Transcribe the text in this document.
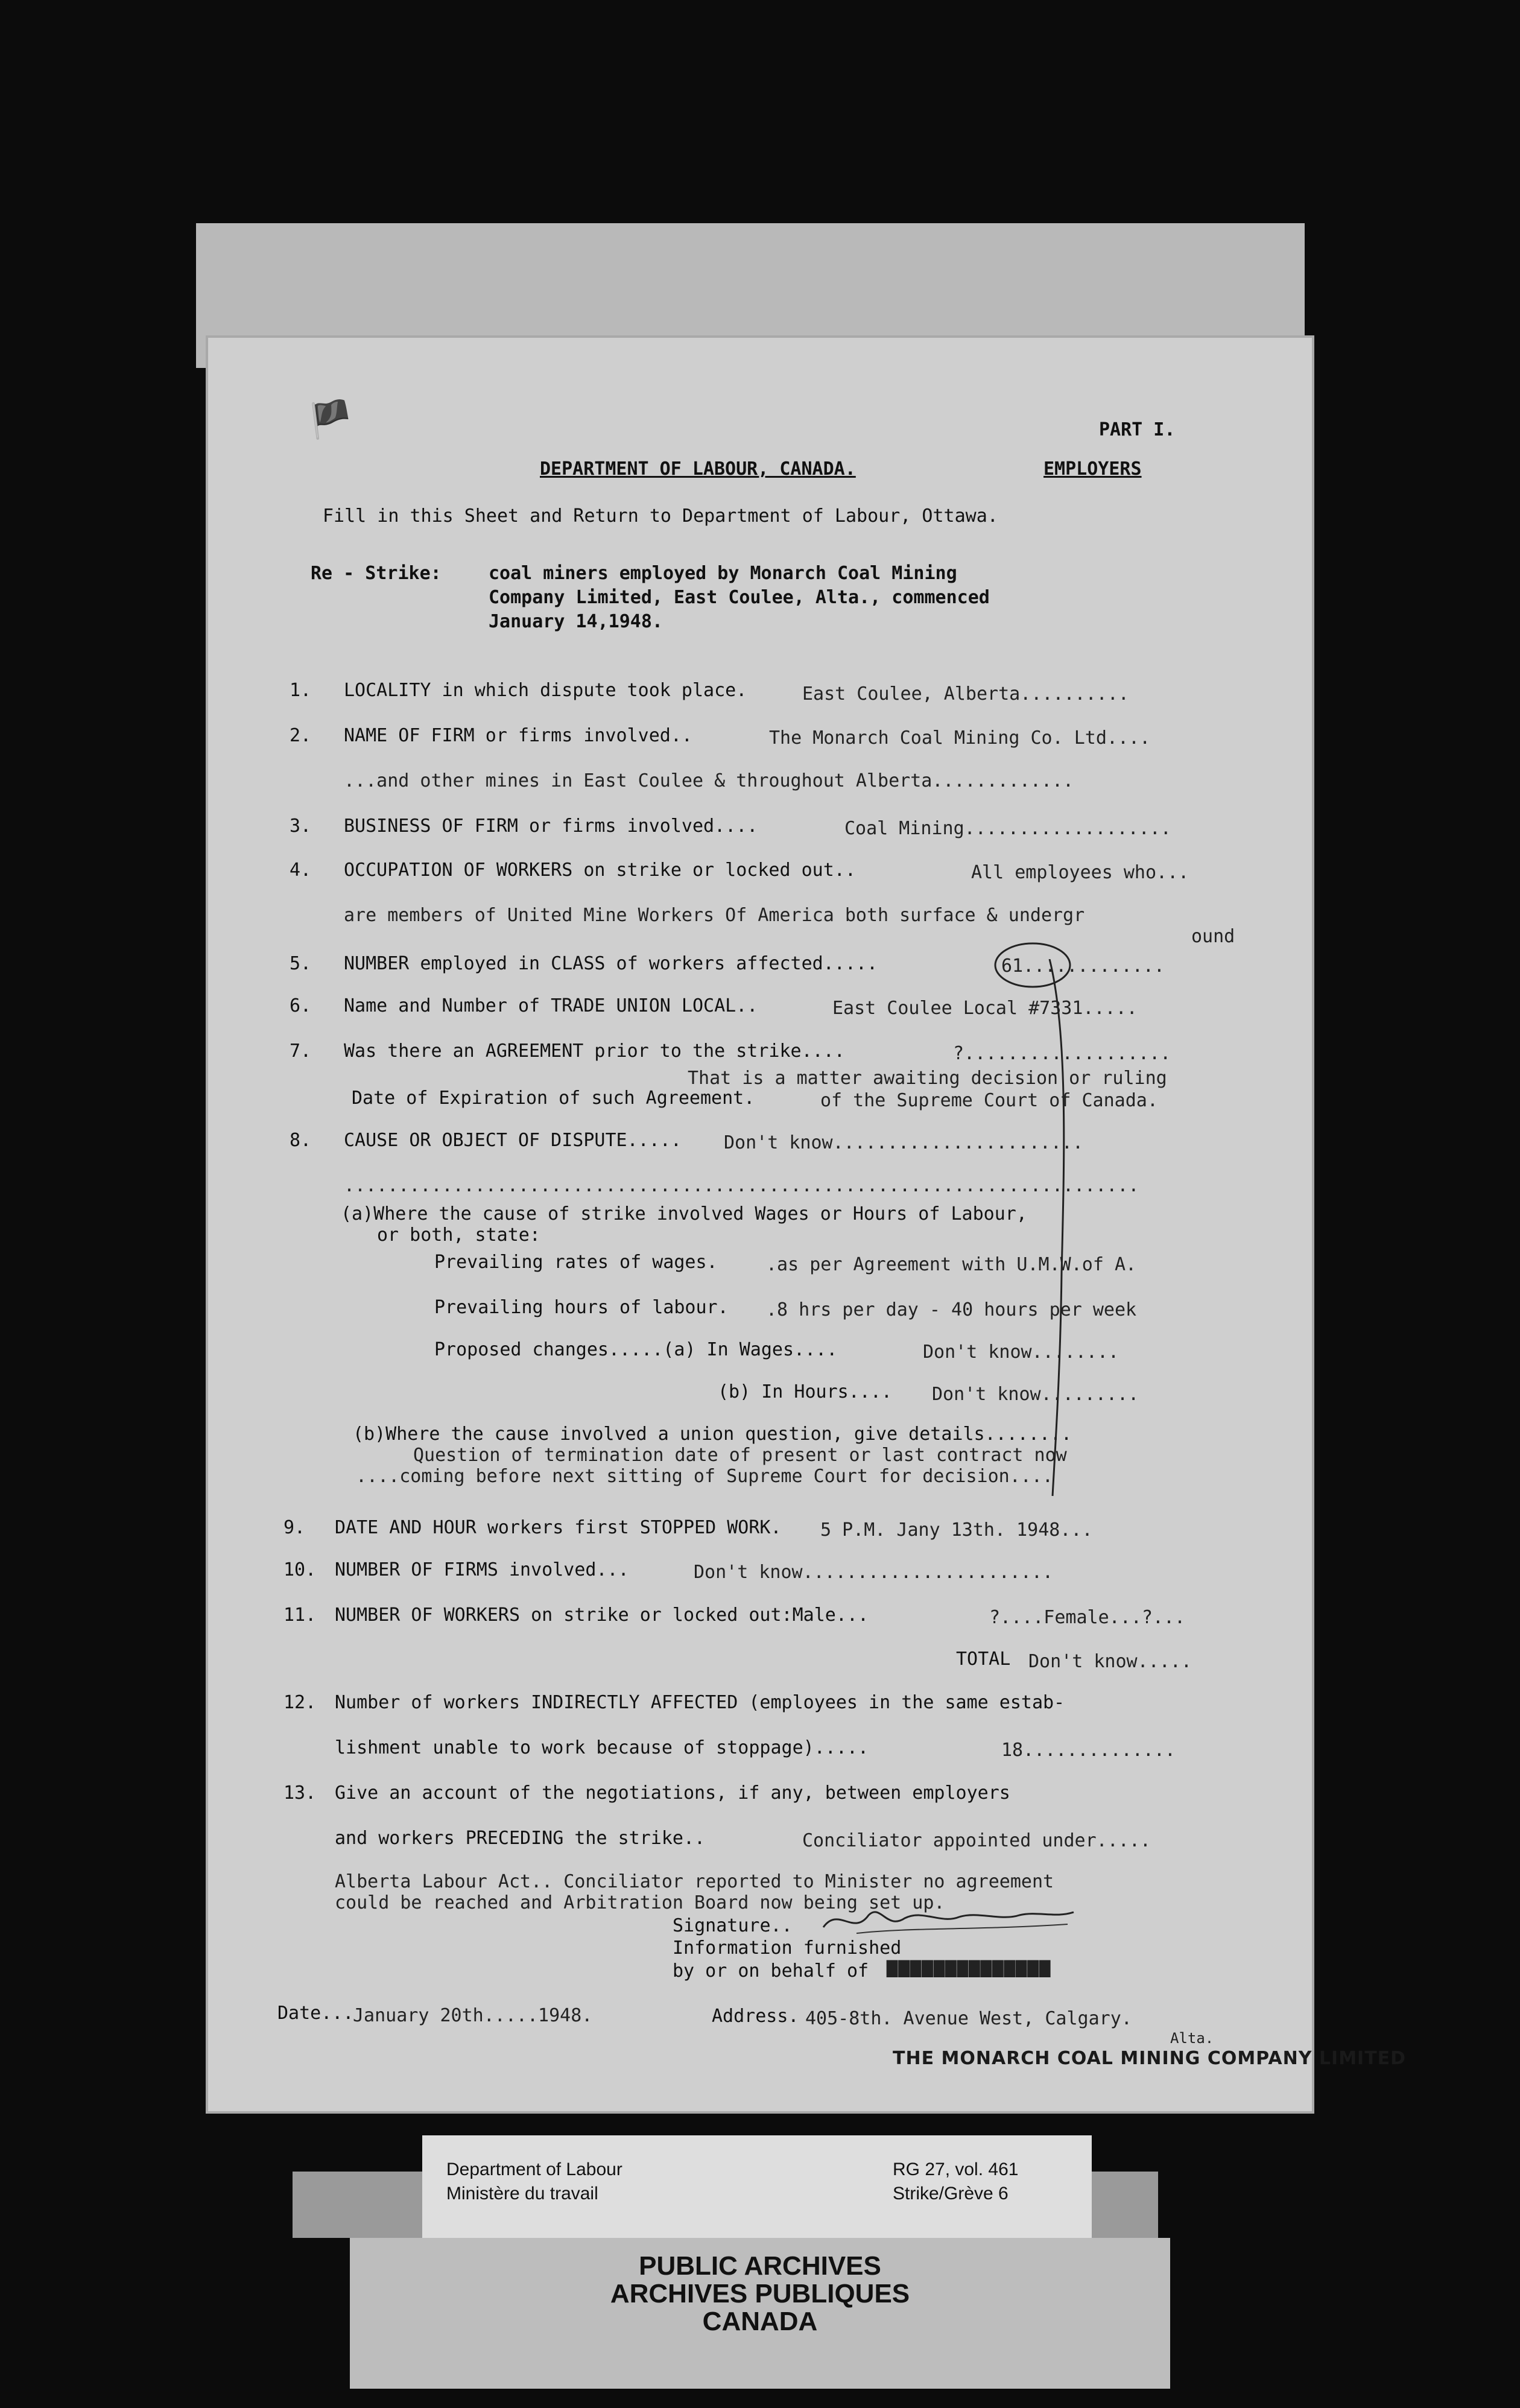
🏴	PART I.
DEPARTMENT OF LABOUR, CANADA.	EMPLOYERS
Fill in this Sheet and Return to Department of Labour, Ottawa.
Re - Strike:	coal miners employed by Monarch Coal Mining
Company Limited, East Coulee, Alta., commenced
January 14,1948.
1. LOCALITY in which dispute took place.	East Coulee, Alberta..........
2. NAME OF FIRM or firms involved..	The Monarch Coal Mining Co. Ltd....
...and other mines in East Coulee & throughout Alberta.............
3. BUSINESS OF FIRM or firms involved....	Coal Mining...................
4. OCCUPATION OF WORKERS on strike or locked out..	All employees who...
are members of United Mine Workers Of America both surface & undergr
ound
5. NUMBER employed in CLASS of workers affected.....	61.............
6. Name and Number of TRADE UNION LOCAL..	East Coulee Local #7331.....
7. Was there an AGREEMENT prior to the strike....	?...................
That is a matter awaiting decision or ruling
Date of Expiration of such Agreement.	of the Supreme Court of Canada.
8. CAUSE OR OBJECT OF DISPUTE..... Don't know.......................
.........................................................................
(a)Where the cause of strike involved Wages or Hours of Labour,
or both, state:
Prevailing rates of wages.	.as per Agreement with U.M.W.of A.
Prevailing hours of labour. .8 hrs per day - 40 hours per week
Proposed changes.....(a) In Wages....	Don't know........
(b) In Hours.... Don't know.........
(b)Where the cause involved a union question, give details........
Question of termination date of present or last contract now
....coming before next sitting of Supreme Court for decision....
9. DATE AND HOUR workers first STOPPED WORK. 5 P.M. Jany 13th. 1948...
10. NUMBER OF FIRMS involved...	Don't know.......................
11. NUMBER OF WORKERS on strike or locked out:Male...	?....Female...?...
TOTAL Don't know.....
12. Number of workers INDIRECTLY AFFECTED (employees in the same estab-
lishment unable to work because of stoppage).....	18..............
13. Give an account of the negotiations, if any, between employers
and workers PRECEDING the strike..	Conciliator appointed under.....
Alberta Labour Act.. Conciliator reported to Minister no agreement
could be reached and Arbitration Board now being set up.
Signature..
Information furnished
by or on behalf of ██████████████
Date...
January 20th.....1948.	Address. 405-8th. Avenue West, Calgary.
Alta.
THE MONARCH COAL MINING COMPANY LIMITED
Department of Labour
Ministère du travail
RG 27, vol. 461
Strike/Grève 6
PUBLIC ARCHIVES
ARCHIVES PUBLIQUES
CANADA
